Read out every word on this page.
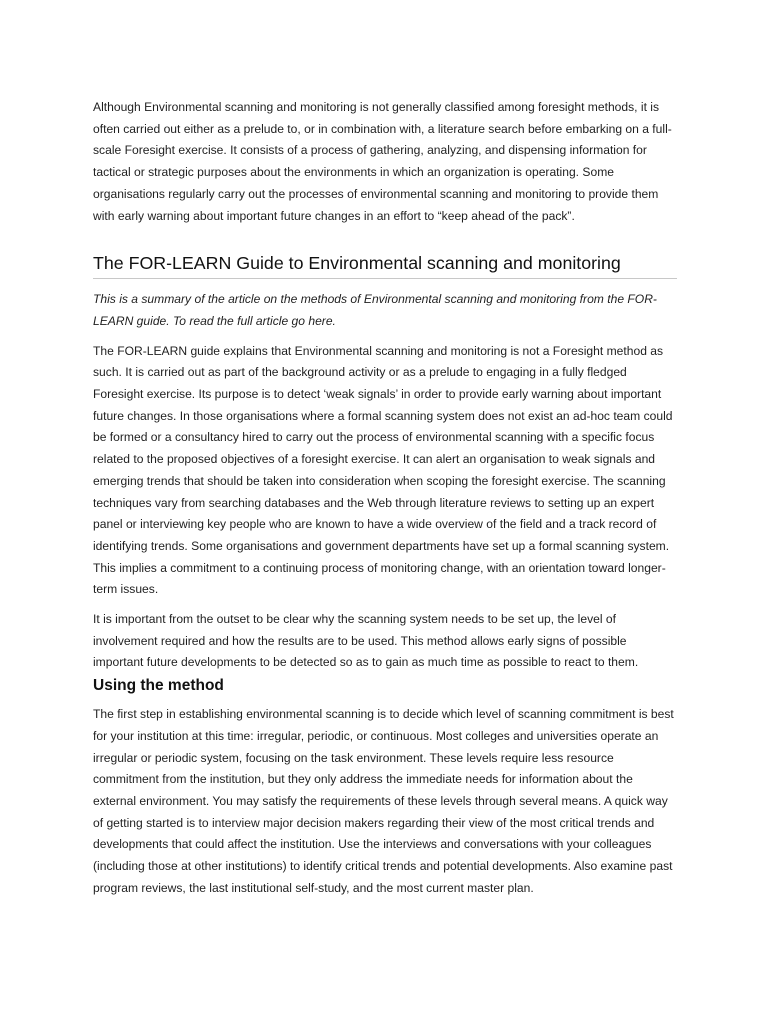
Although Environmental scanning and monitoring is not generally classified among foresight methods, it is often carried out either as a prelude to, or in combination with, a literature search before embarking on a full-scale Foresight exercise. It consists of a process of gathering, analyzing, and dispensing information for tactical or strategic purposes about the environments in which an organization is operating. Some organisations regularly carry out the processes of environmental scanning and monitoring to provide them with early warning about important future changes in an effort to “keep ahead of the pack”.

The FOR-LEARN Guide to Environmental scanning and monitoring

This is a summary of the article on the methods of Environmental scanning and monitoring from the FOR-LEARN guide. To read the full article go here.

The FOR-LEARN guide explains that Environmental scanning and monitoring is not a Foresight method as such. It is carried out as part of the background activity or as a prelude to engaging in a fully fledged Foresight exercise. Its purpose is to detect ‘weak signals’ in order to provide early warning about important future changes. In those organisations where a formal scanning system does not exist an ad-hoc team could be formed or a consultancy hired to carry out the process of environmental scanning with a specific focus related to the proposed objectives of a foresight exercise. It can alert an organisation to weak signals and emerging trends that should be taken into consideration when scoping the foresight exercise. The scanning techniques vary from searching databases and the Web through literature reviews to setting up an expert panel or interviewing key people who are known to have a wide overview of the field and a track record of identifying trends. Some organisations and government departments have set up a formal scanning system. This implies a commitment to a continuing process of monitoring change, with an orientation toward longer-term issues.

It is important from the outset to be clear why the scanning system needs to be set up, the level of involvement required and how the results are to be used. This method allows early signs of possible important future developments to be detected so as to gain as much time as possible to react to them.

Using the method

The first step in establishing environmental scanning is to decide which level of scanning commitment is best for your institution at this time: irregular, periodic, or continuous. Most colleges and universities operate an irregular or periodic system, focusing on the task environment. These levels require less resource commitment from the institution, but they only address the immediate needs for information about the external environment. You may satisfy the requirements of these levels through several means. A quick way of getting started is to interview major decision makers regarding their view of the most critical trends and developments that could affect the institution. Use the interviews and conversations with your colleagues (including those at other institutions) to identify critical trends and potential developments. Also examine past program reviews, the last institutional self-study, and the most current master plan.
